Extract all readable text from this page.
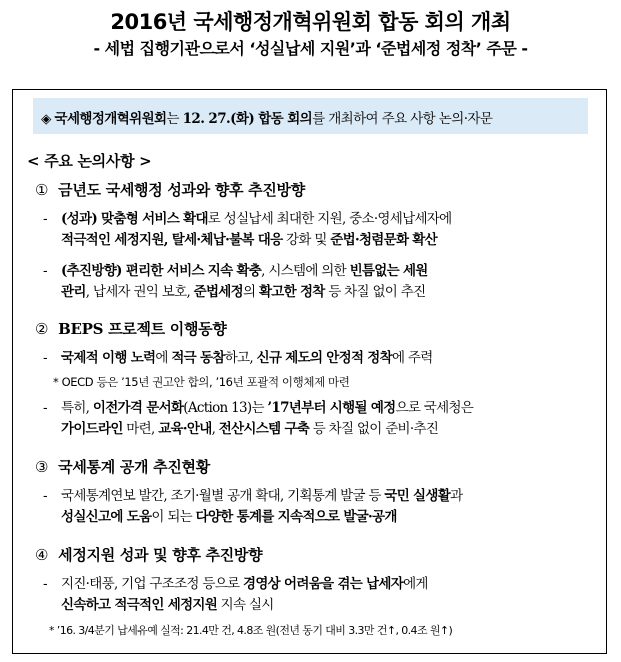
2016년 국세행정개혁위원회 합동 회의 개최
- 세법 집행기관으로서 ‘성실납세 지원’과 ‘준법세정 정착’ 주문 -
◈ 국세행정개혁위원회는 12. 27.(화) 합동 회의를 개최하여 주요 사항 논의·자문
< 주요 논의사항 >
① 금년도 국세행정 성과와 향후 추진방향
- (성과) 맞춤형 서비스 확대로 성실납세 최대한 지원, 중소·영세납세자에
적극적인 세정지원, 탈세·체납·불복 대응 강화 및 준법·청렴문화 확산
- (추진방향) 편리한 서비스 지속 확충, 시스템에 의한 빈틈없는 세원
관리, 납세자 권익 보호, 준법세정의 확고한 정착 등 차질 없이 추진
② BEPS 프로젝트 이행동향
- 국제적 이행 노력에 적극 동참하고, 신규 제도의 안정적 정착에 주력
* OECD 등은 ’15년 권고안 합의, ’16년 포괄적 이행체제 마련
- 특히, 이전가격 문서화(Action 13)는 ’17년부터 시행될 예정으로 국세청은
가이드라인 마련, 교육·안내, 전산시스템 구축 등 차질 없이 준비·추진
③ 국세통계 공개 추진현황
- 국세통계연보 발간, 조기·월별 공개 확대, 기획통계 발굴 등 국민 실생활과
성실신고에 도움이 되는 다양한 통계를 지속적으로 발굴·공개
④ 세정지원 성과 및 향후 추진방향
- 지진·태풍, 기업 구조조정 등으로 경영상 어려움을 겪는 납세자에게
신속하고 적극적인 세정지원 지속 실시
* ’16. 3/4분기 납세유예 실적: 21.4만 건, 4.8조 원(전년 동기 대비 3.3만 건↑, 0.4조 원↑)
